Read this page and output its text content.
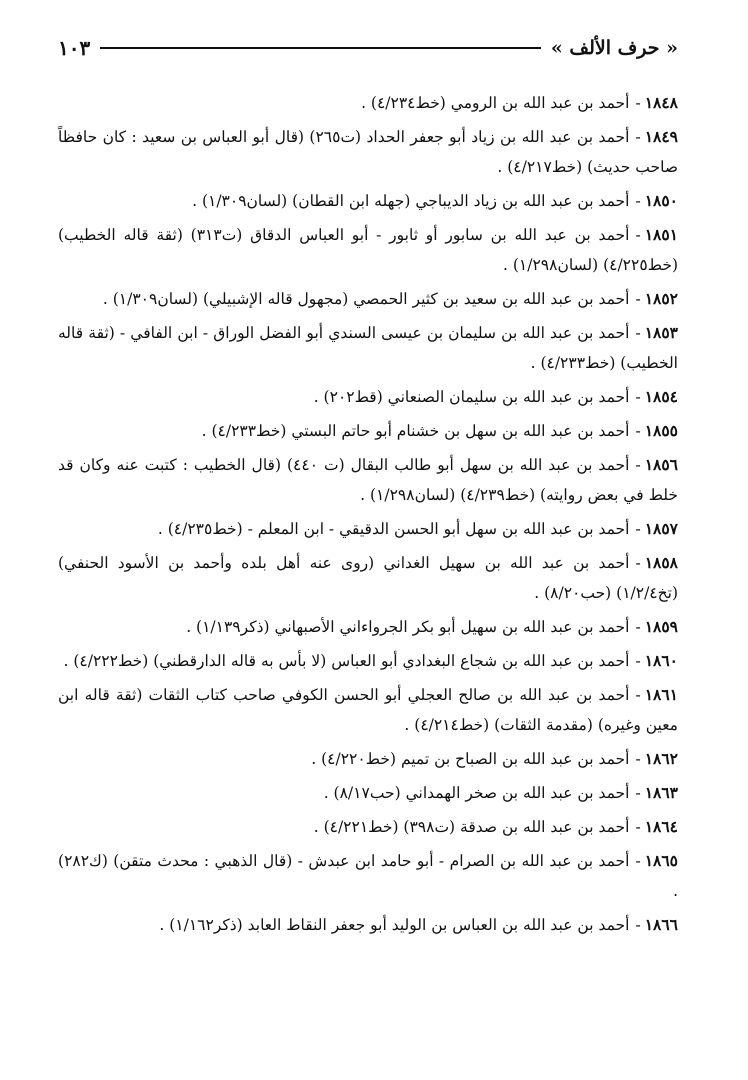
« حرف الألف »
١٠٣

١٨٤٨-أحمد بن عبد الله بن الرومي (خط٤/٢٣٤) .

١٨٤٩-أحمد بن عبد الله بن زياد أبو جعفر الحداد (ت٢٦٥) (قال أبو العباس بن سعيد : كان حافظاً صاحب حديث) (خط٤/٢١٧) .

١٨٥٠-أحمد بن عبد الله بن زياد الديباجي (جهله ابن القطان) (لسان١/٣٠٩) .

١٨٥١-أحمد بن عبد الله بن سابور أو ثابور - أبو العباس الدقاق (ت٣١٣) (ثقة قاله الخطيب) (خط٤/٢٢٥) (لسان١/٢٩٨) .

١٨٥٢-أحمد بن عبد الله بن سعيد بن كثير الحمصي (مجهول قاله الإشبيلي) (لسان١/٣٠٩) .

١٨٥٣-أحمد بن عبد الله بن سليمان بن عيسى السندي أبو الفضل الوراق - ابن الفافي - (ثقة قاله الخطيب) (خط٤/٢٣٣) .

١٨٥٤-أحمد بن عبد الله بن سليمان الصنعاني (قط٢٠٢) .

١٨٥٥-أحمد بن عبد الله بن سهل بن خشنام أبو حاتم البستي (خط٤/٢٣٣) .

١٨٥٦-أحمد بن عبد الله بن سهل أبو طالب البقال (ت ٤٤٠) (قال الخطيب : كتبت عنه وكان قد خلط في بعض روايته) (خط٤/٢٣٩) (لسان١/٢٩٨) .

١٨٥٧-أحمد بن عبد الله بن سهل أبو الحسن الدقيقي - ابن المعلم - (خط٤/٢٣٥) .

١٨٥٨-أحمد بن عبد الله بن سهيل الغداني (روى عنه أهل بلده وأحمد بن الأسود الحنفي) (تخ١/٢/٤) (حب٨/٢٠) .

١٨٥٩-أحمد بن عبد الله بن سهيل أبو بكر الجرواءاني الأصبهاني (ذكر١/١٣٩) .

١٨٦٠-أحمد بن عبد الله بن شجاع البغدادي أبو العباس (لا بأس به قاله الدارقطني) (خط٤/٢٢٢) .

١٨٦١-أحمد بن عبد الله بن صالح العجلي أبو الحسن الكوفي صاحب كتاب الثقات (ثقة قاله ابن معين وغيره) (مقدمة الثقات) (خط٤/٢١٤) .

١٨٦٢-أحمد بن عبد الله بن الصباح بن تميم (خط٤/٢٢٠) .

١٨٦٣-أحمد بن عبد الله بن صخر الهمداني (حب٨/١٧) .

١٨٦٤-أحمد بن عبد الله بن صدقة (ت٣٩٨) (خط٤/٢٢١) .

١٨٦٥-أحمد بن عبد الله بن الصرام - أبو حامد ابن عبدش - (قال الذهبي : محدث متقن) (ك٢٨٢) .

١٨٦٦-أحمد بن عبد الله بن العباس بن الوليد أبو جعفر النقاط العابد (ذكر١/١٦٢) .
